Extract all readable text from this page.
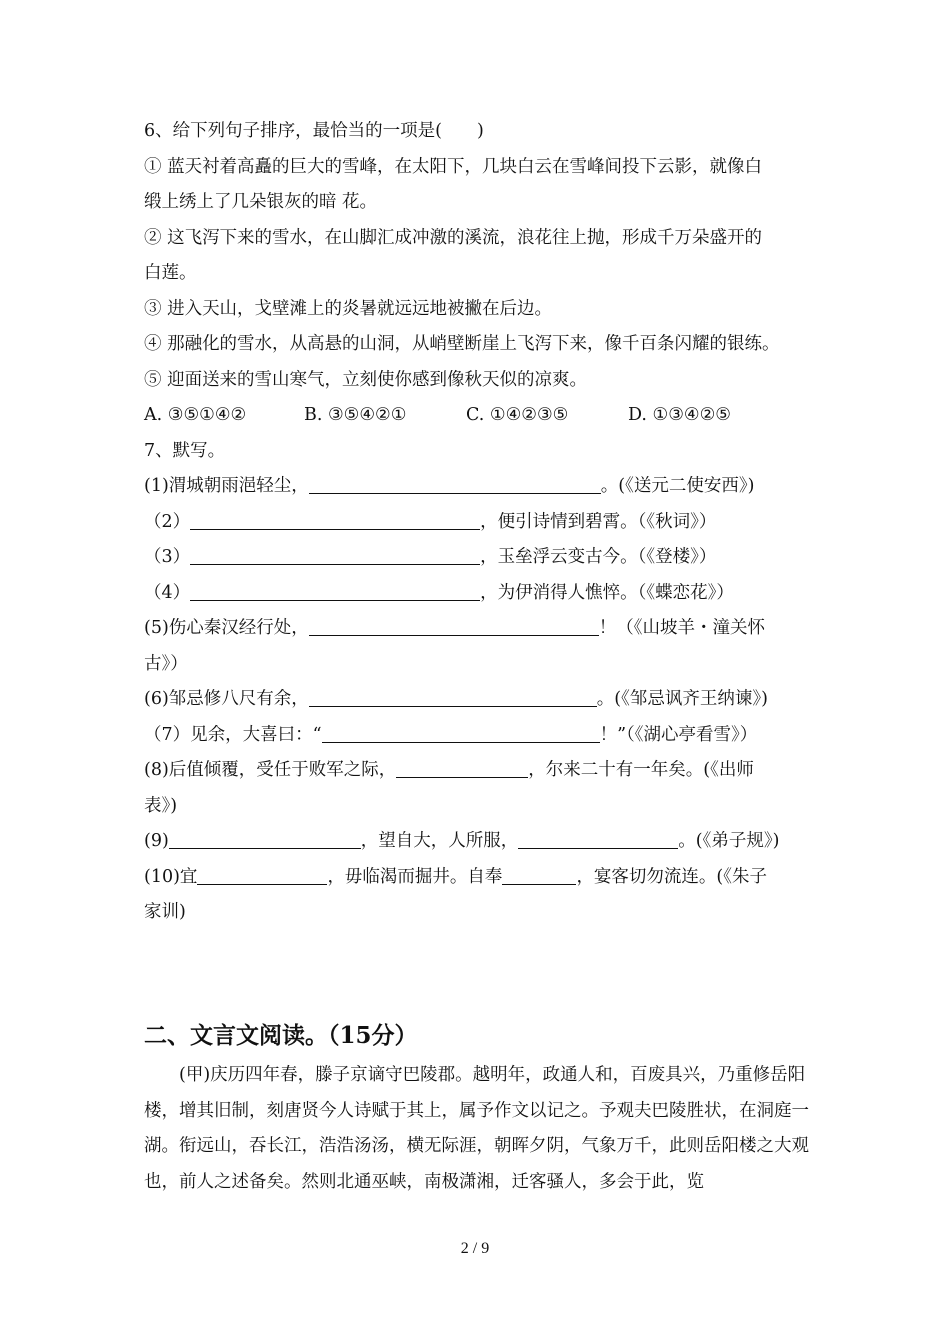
6、给下列句子排序，最恰当的一项是(　　)
① 蓝天衬着高矗的巨大的雪峰，在太阳下，几块白云在雪峰间投下云影，就像白
缎上绣上了几朵银灰的暗 花。
② 这飞泻下来的雪水，在山脚汇成冲激的溪流，浪花往上抛，形成千万朵盛开的
白莲。
③ 进入天山，戈壁滩上的炎暑就远远地被撇在后边。
④ 那融化的雪水，从高悬的山洞，从峭壁断崖上飞泻下来，像千百条闪耀的银练。
⑤ 迎面送来的雪山寒气，立刻使你感到像秋天似的凉爽。
A. ③⑤①④②	B. ③⑤④②①	C. ①④②③⑤	D. ①③④②⑤
7、默写。
(1)渭城朝雨浥轻尘，	。(《送元二使安西》)
（2）	，便引诗情到碧霄。（《秋词》）
（3）	，玉垒浮云变古今。（《登楼》）
（4）	，为伊消得人憔悴。（《蝶恋花》）
(5)伤心秦汉经行处，	！（《山坡羊・潼关怀
古》）
(6)邹忌修八尺有余，	。(《邹忌讽齐王纳谏》)
（7）见余，大喜曰：“	！”（《湖心亭看雪》）
(8)后值倾覆，受任于败军之际，	，尔来二十有一年矣。(《出师
表》)
(9)	，望自大，人所服，	。(《弟子规》)
(10)宜	，毋临渴而掘井。自奉	，宴客切勿流连。(《朱子
家训)
二、文言文阅读。（15分）
(甲)庆历四年春，滕子京谪守巴陵郡。越明年，政通人和，百废具兴，乃重修岳阳楼，增其旧制，刻唐贤今人诗赋于其上，属予作文以记之。予观夫巴陵胜状，在洞庭一湖。衔远山，吞长江，浩浩汤汤，横无际涯，朝晖夕阴，气象万千，此则岳阳楼之大观也，前人之述备矣。然则北通巫峡，南极潇湘，迁客骚人，多会于此，览
2 / 9
